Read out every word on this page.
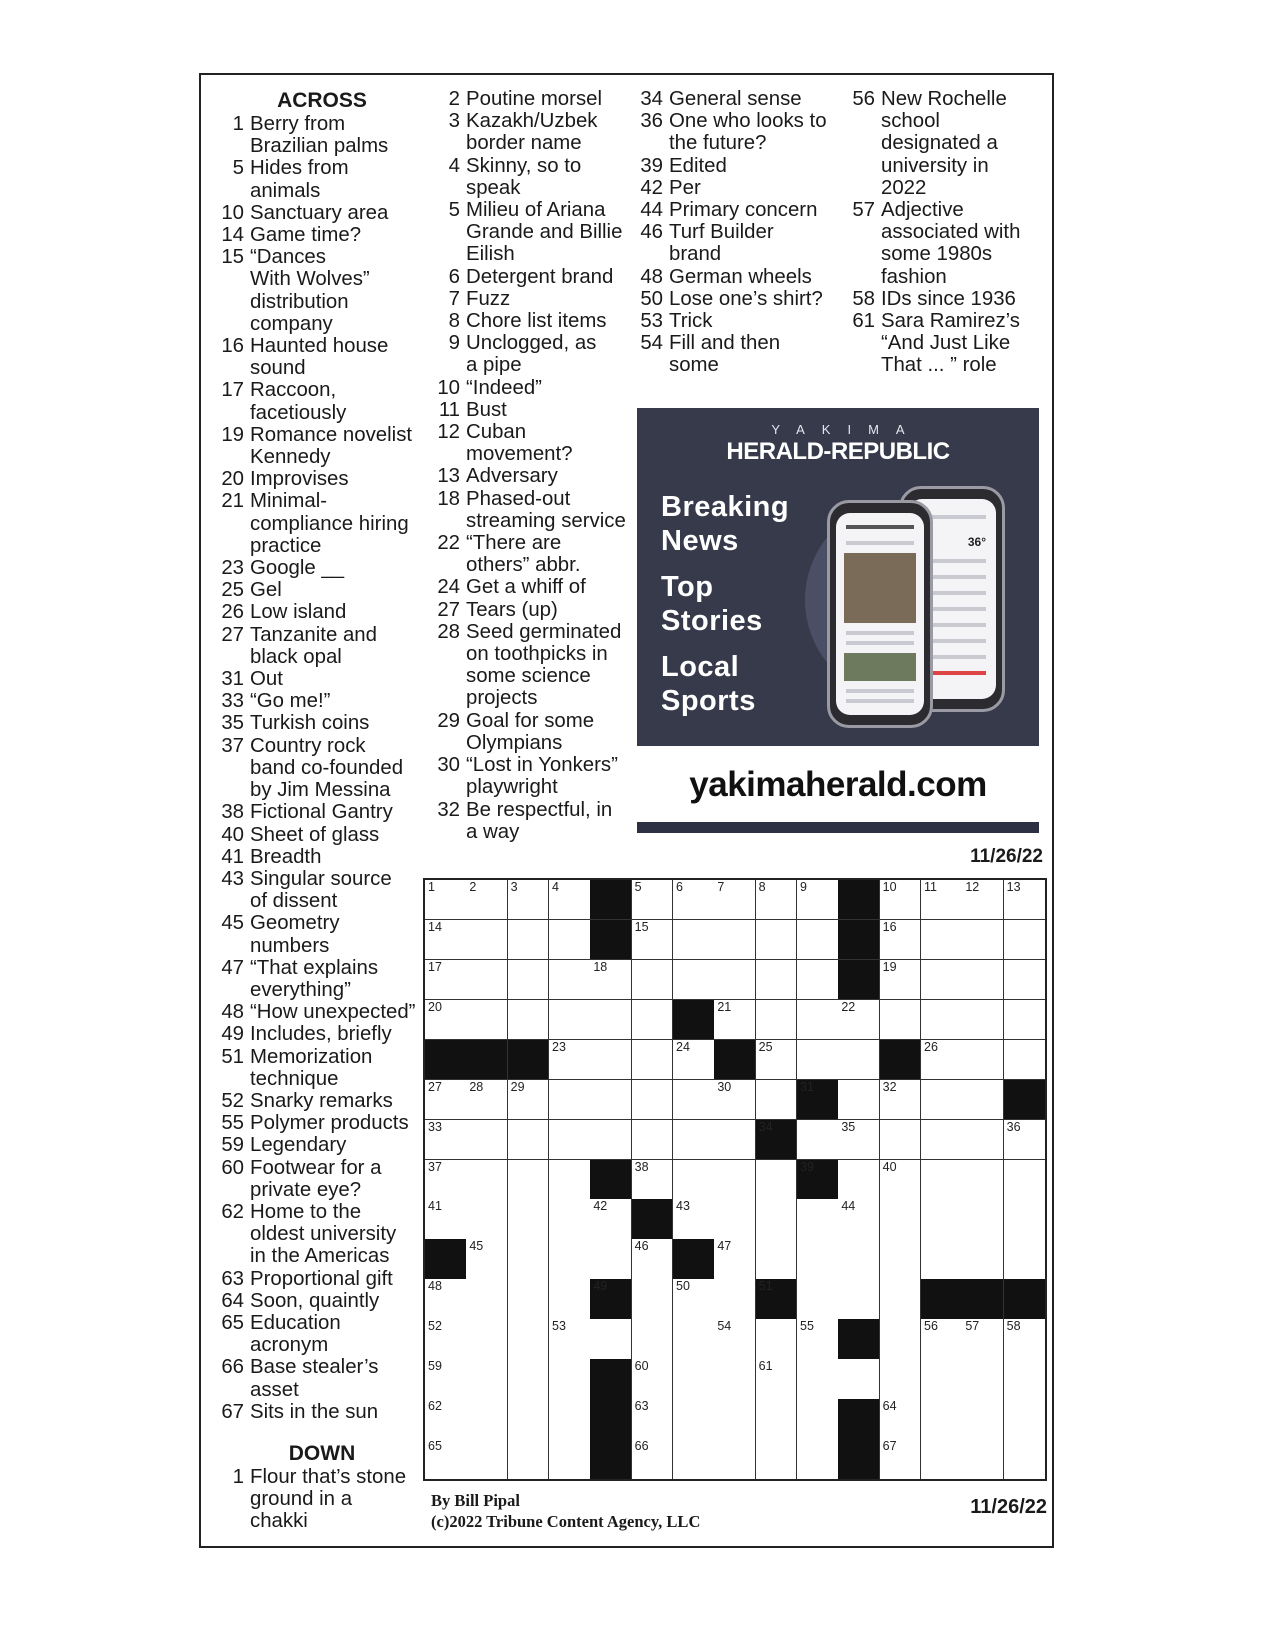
ACROSS
1 Berry from
Brazilian palms
5 Hides from
animals
10 Sanctuary area
14 Game time?
15 “Dances
With Wolves”
distribution
company
16 Haunted house
sound
17 Raccoon,
facetiously
19 Romance novelist
Kennedy
20 Improvises
21 Minimal-
compliance hiring
practice
23 Google __
25 Gel
26 Low island
27 Tanzanite and
black opal
31 Out
33 “Go me!”
35 Turkish coins
37 Country rock
band co-founded
by Jim Messina
38 Fictional Gantry
40 Sheet of glass
41 Breadth
43 Singular source
of dissent
45 Geometry
numbers
47 “That explains
everything”
48 “How unexpected”
49 Includes, briefly
51 Memorization
technique
52 Snarky remarks
55 Polymer products
59 Legendary
60 Footwear for a
private eye?
62 Home to the
oldest university
in the Americas
63 Proportional gift
64 Soon, quaintly
65 Education
acronym
66 Base stealer’s
asset
67 Sits in the sun
DOWN
1 Flour that’s stone
ground in a
chakki
2 Poutine morsel
3 Kazakh/Uzbek
border name
4 Skinny, so to
speak
5 Milieu of Ariana
Grande and Billie
Eilish
6 Detergent brand
7 Fuzz
8 Chore list items
9 Unclogged, as
a pipe
10 “Indeed”
11 Bust
12 Cuban
movement?
13 Adversary
18 Phased-out
streaming service
22 “There are
others” abbr.
24 Get a whiff of
27 Tears (up)
28 Seed germinated
on toothpicks in
some science
projects
29 Goal for some
Olympians
30 “Lost in Yonkers”
playwright
32 Be respectful, in
a way
34 General sense
36 One who looks to
the future?
39 Edited
42 Per
44 Primary concern
46 Turf Builder
brand
48 German wheels
50 Lose one’s shirt?
53 Trick
54 Fill and then
some
56 New Rochelle
school
designated a
university in
2022
57 Adjective
associated with
some 1980s
fashion
58 IDs since 1936
61 Sara Ramirez’s
“And Just Like
That ... ” role
YAKIMA
HERALD-REPUBLIC
Breaking
News
Top
Stories
Local
Sports
36°
yakimaherald.com
11/26/22
1	2	3	4	5	6	7	8	9	10 11 12 13
14	15	16
17	18	19
20	21	22
23	24	25	26
27 28 29	30	31	32
33	34	35	36
37	38	39	40
41	42	43	44
45	46	47
48	49	50	51
52	53	54	55	56 57 58
59	60	61
62	63	64
65	66	67
By Bill Pipal
(c)2022 Tribune Content Agency, LLC
11/26/22
